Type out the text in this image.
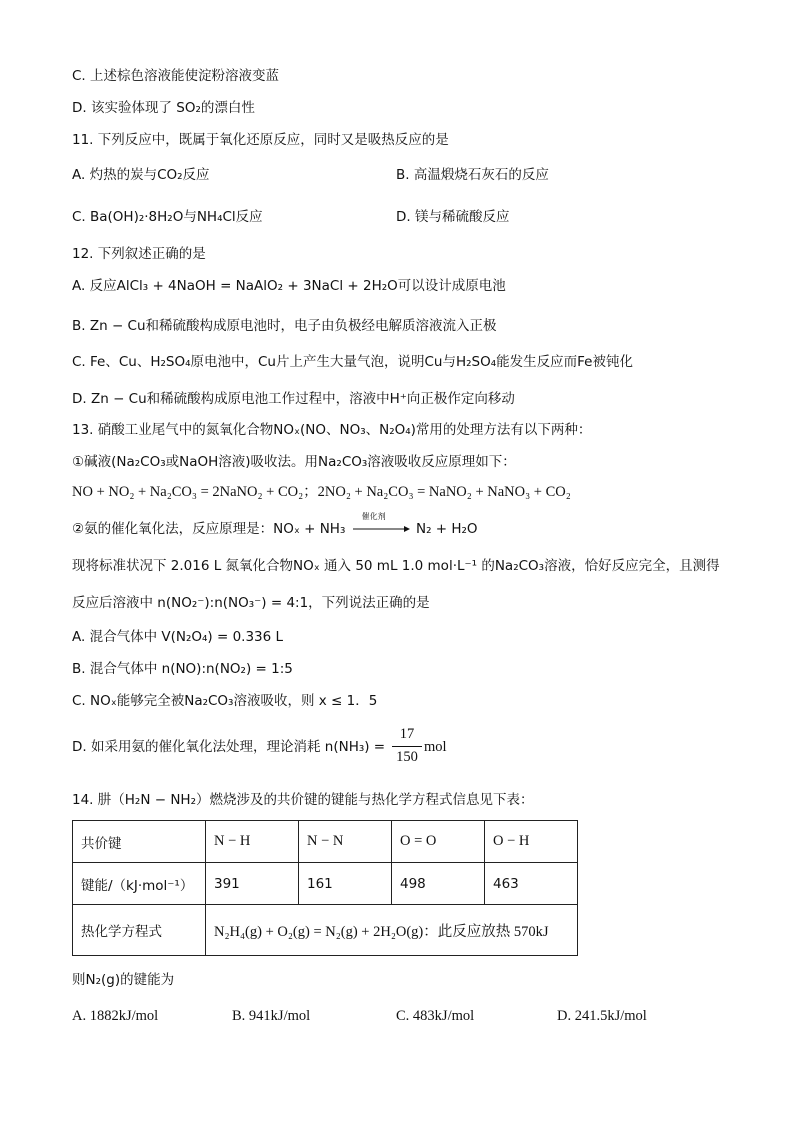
C. 上述棕色溶液能使淀粉溶液变蓝
D. 该实验体现了 SO₂的漂白性
11. 下列反应中，既属于氧化还原反应，同时又是吸热反应的是
A. 灼热的炭与CO₂反应	B. 高温煅烧石灰石的反应
C. Ba(OH)₂·8H₂O与NH₄Cl反应	D. 镁与稀硫酸反应
12. 下列叙述正确的是
A. 反应AlCl₃ + 4NaOH = NaAlO₂ + 3NaCl + 2H₂O可以设计成原电池
B. Zn − Cu和稀硫酸构成原电池时，电子由负极经电解质溶液流入正极
C. Fe、Cu、H₂SO₄原电池中，Cu片上产生大量气泡，说明Cu与H₂SO₄能发生反应而Fe被钝化
D. Zn − Cu和稀硫酸构成原电池工作过程中，溶液中H⁺向正极作定向移动
13. 硝酸工业尾气中的氮氧化合物NOₓ(NO、NO₃、N₂O₄)常用的处理方法有以下两种：
①碱液(Na₂CO₃或NaOH溶液)吸收法。用Na₂CO₃溶液吸收反应原理如下：
NO + NO₂ + Na₂CO₃ = 2NaNO₂ + CO₂；2NO₂ + Na₂CO₃ = NaNO₂ + NaNO₃ + CO₂
②氨的催化氧化法，反应原理是：NOₓ + NH₃
催化剂
N₂ + H₂O
现将标准状况下 2.016 L 氮氧化合物NOₓ 通入 50 mL 1.0 mol·L⁻¹ 的Na₂CO₃溶液，恰好反应完全，且测得
反应后溶液中 n(NO₂⁻):n(NO₃⁻) = 4:1，下列说法正确的是
A. 混合气体中 V(N₂O₄) = 0.336 L
B. 混合气体中 n(NO):n(NO₂) = 1:5
C. NOₓ能够完全被Na₂CO₃溶液吸收，则 x ≤ 1．5
D. 如采用氨的催化氧化法处理，理论消耗 n(NH₃) =
17
150
mol
14. 肼（H₂N − NH₂）燃烧涉及的共价键的键能与热化学方程式信息见下表：
共价键	N − H	N − N	O = O	O − H
键能/（kJ·mol⁻¹）	391	161	498	463
热化学方程式	N₂H₄(g) + O₂(g) = N₂(g) + 2H₂O(g)：此反应放热 570kJ			
则N₂(g)的键能为
A. 1882kJ/mol	B. 941kJ/mol	C. 483kJ/mol	D. 241.5kJ/mol
